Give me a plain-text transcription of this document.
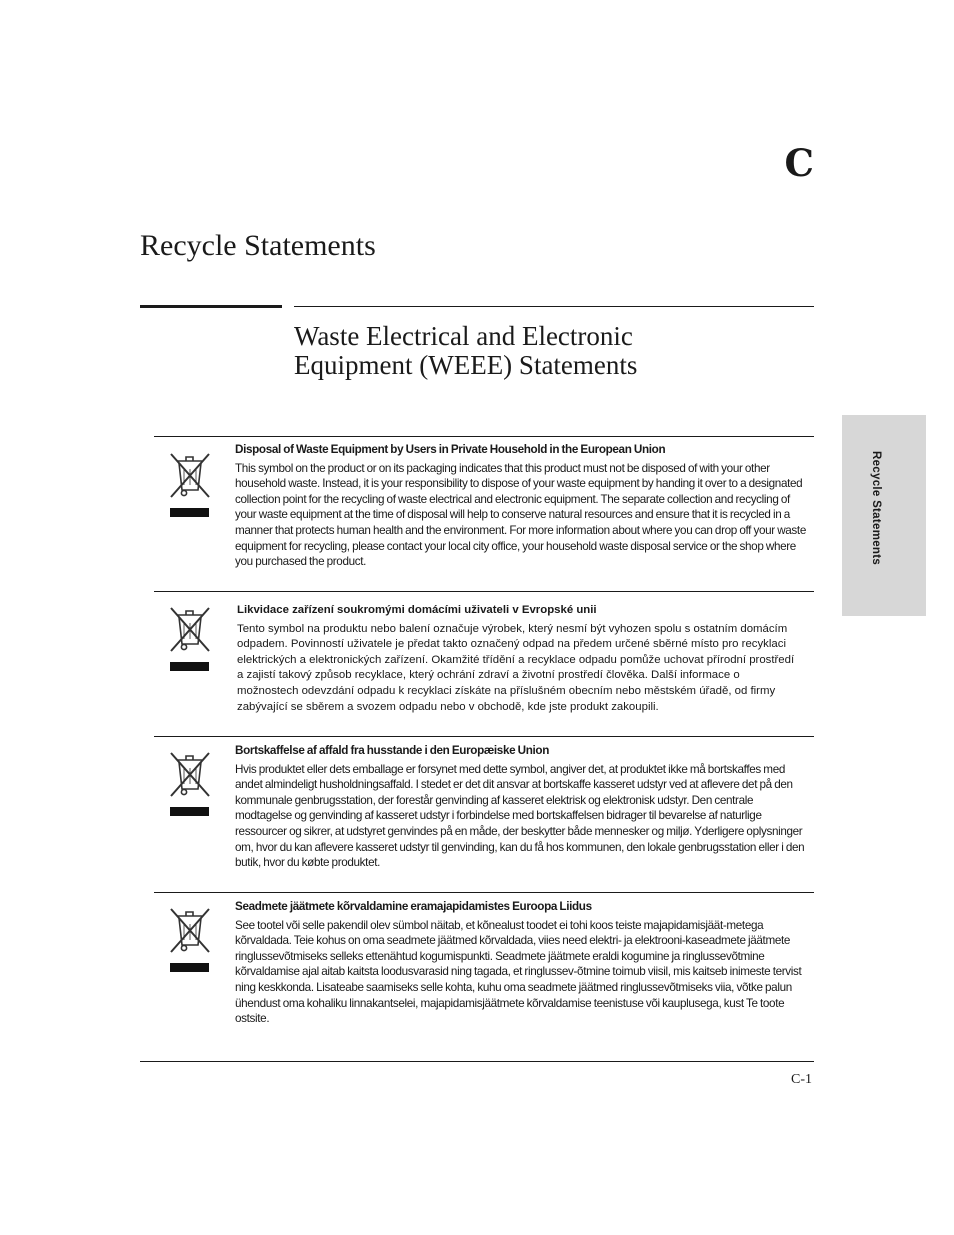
C
Recycle Statements
Waste Electrical and Electronic
Equipment (WEEE) Statements
Recycle Statements
Disposal of Waste Equipment by Users in Private Household in the European Union

This symbol on the product or on its packaging indicates that this product must not be disposed of with your other household waste. Instead, it is your responsibility to dispose of your waste equipment by handing it over to a designated collection point for the recycling of waste electrical and electronic equipment. The separate collection and recycling of your waste equipment at the time of disposal will help to conserve natural resources and ensure that it is recycled in a manner that protects human health and the environment. For more information about where you can drop off your waste equipment for recycling, please contact your local city office, your household waste disposal service or the shop where you purchased the product.

Likvidace zařízení soukromými domácími uživateli v Evropské unii

Tento symbol na produktu nebo balení označuje výrobek, který nesmí být vyhozen spolu s ostatním domácím odpadem. Povinností uživatele je předat takto označený odpad na předem určené sběrné místo pro recyklaci elektrických a elektronických zařízení. Okamžité třídění a recyklace odpadu pomůže uchovat přírodní prostředí a zajistí takový způsob recyklace, který ochrání zdraví a životní prostředí člověka. Další informace o možnostech odevzdání odpadu k recyklaci získáte na příslušném obecním nebo městském úřadě, od firmy zabývající se sběrem a svozem odpadu nebo v obchodě, kde jste produkt zakoupili.

Bortskaffelse af affald fra husstande i den Europæiske Union

Hvis produktet eller dets emballage er forsynet med dette symbol, angiver det, at produktet ikke må bortskaffes med andet almindeligt husholdningsaffald. I stedet er det dit ansvar at bortskaffe kasseret udstyr ved at aflevere det på den kommunale genbrugsstation, der forestår genvinding af kasseret elektrisk og elektronisk udstyr. Den centrale modtagelse og genvinding af kasseret udstyr i forbindelse med bortskaffelsen bidrager til bevarelse af naturlige ressourcer og sikrer, at udstyret genvindes på en måde, der beskytter både mennesker og miljø. Yderligere oplysninger om, hvor du kan aflevere kasseret udstyr til genvinding, kan du få hos kommunen, den lokale genbrugsstation eller i den butik, hvor du købte produktet.

Seadmete jäätmete kõrvaldamine eramajapidamistes Euroopa Liidus

See tootel või selle pakendil olev sümbol näitab, et kõnealust toodet ei tohi koos teiste majapidamisjäät-metega kõrvaldada. Teie kohus on oma seadmete jäätmed kõrvaldada, viies need elektri- ja elektrooni-kaseadmete jäätmete ringlussevõtmiseks selleks ettenähtud kogumispunkti. Seadmete jäätmete eraldi kogumine ja ringlussevõtmine kõrvaldamise ajal aitab kaitsta loodusvarasid ning tagada, et ringlussev-õtmine toimub viisil, mis kaitseb inimeste tervist ning keskkonda. Lisateabe saamiseks selle kohta, kuhu oma seadmete jäätmed ringlussevõtmiseks viia, võtke palun ühendust oma kohaliku linnakantselei, majapidamisjäätmete kõrvaldamise teenistuse või kauplusega, kust Te toote ostsite.

C-1
